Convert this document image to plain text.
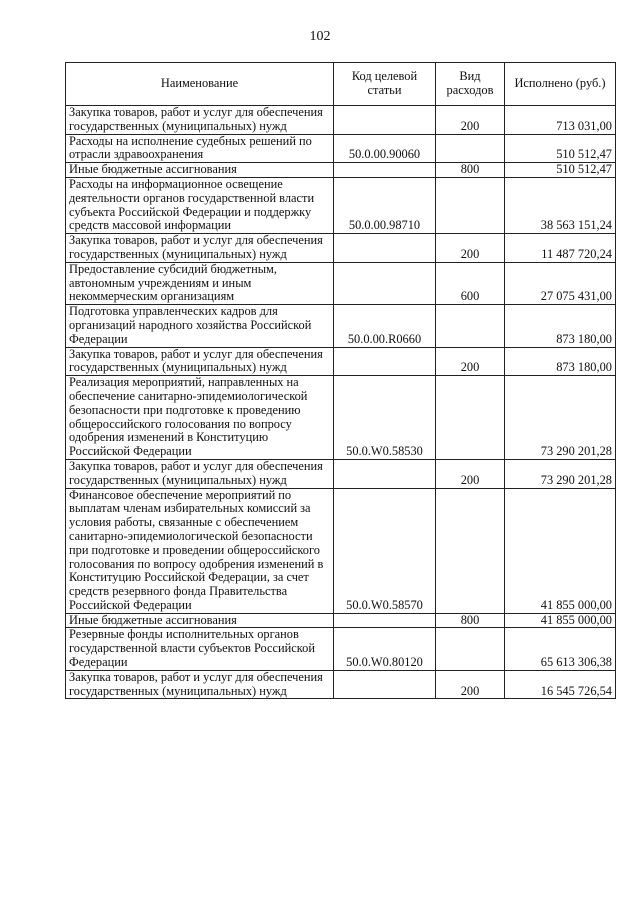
102
Наименование	Код целевой статьи	Вид расходов	Исполнено (руб.)
Закупка товаров, работ и услуг для обеспечения государственных (муниципальных) нужд		200	713 031,00
Расходы на исполнение судебных решений по отрасли здравоохранения	50.0.00.90060		510 512,47
Иные бюджетные ассигнования		800	510 512,47
Расходы на информационное освещение деятельности органов государственной власти субъекта Российской Федерации и поддержку средств массовой информации	50.0.00.98710		38 563 151,24
Закупка товаров, работ и услуг для обеспечения государственных (муниципальных) нужд		200	11 487 720,24
Предоставление субсидий бюджетным, автономным учреждениям и иным некоммерческим организациям		600	27 075 431,00
Подготовка управленческих кадров для организаций народного хозяйства Российской Федерации	50.0.00.R0660		873 180,00
Закупка товаров, работ и услуг для обеспечения государственных (муниципальных) нужд		200	873 180,00
Реализация мероприятий, направленных на обеспечение санитарно-эпидемиологической безопасности при подготовке к проведению общероссийского голосования по вопросу одобрения изменений в Конституцию Российской Федерации	50.0.W0.58530		73 290 201,28
Закупка товаров, работ и услуг для обеспечения государственных (муниципальных) нужд		200	73 290 201,28
Финансовое обеспечение мероприятий по выплатам членам избирательных комиссий за условия работы, связанные с обеспечением санитарно-эпидемиологической безопасности при подготовке и проведении общероссийского голосования по вопросу одобрения изменений в Конституцию Российской Федерации, за счет средств резервного фонда Правительства Российской Федерации	50.0.W0.58570		41 855 000,00
Иные бюджетные ассигнования		800	41 855 000,00
Резервные фонды исполнительных органов государственной власти субъектов Российской Федерации	50.0.W0.80120		65 613 306,38
Закупка товаров, работ и услуг для обеспечения государственных (муниципальных) нужд		200	16 545 726,54
